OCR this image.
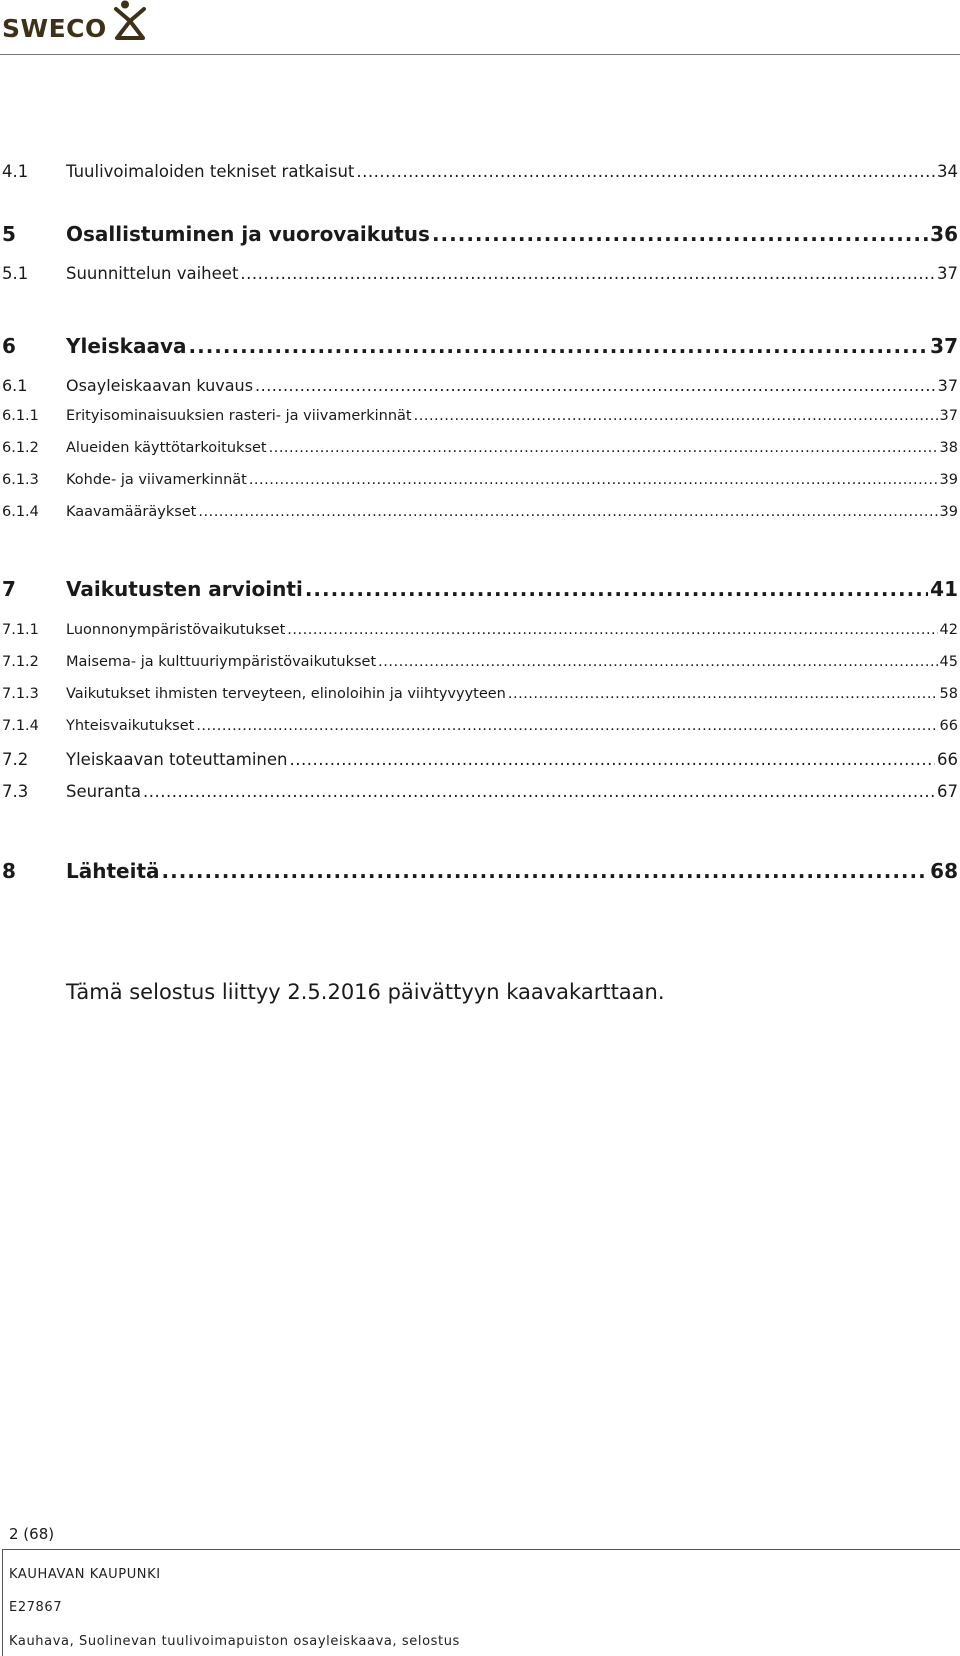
SWECO
4.1 Tuulivoimaloiden tekniset ratkaisut .....	34
5	Osallistuminen ja vuorovaikutus .....	36
5.1 Suunnittelun vaiheet .....	37
6	Yleiskaava .....	37
6.1 Osayleiskaavan kuvaus .....	37
6.1.1 Erityisominaisuuksien rasteri- ja viivamerkinnät .....	37
6.1.2 Alueiden käyttötarkoitukset .....	38
6.1.3 Kohde- ja viivamerkinnät .....	39
6.1.4 Kaavamääräykset .....	39
7	Vaikutusten arviointi .....	41
7.1.1 Luonnonympäristövaikutukset .....	42
7.1.2 Maisema- ja kulttuuriympäristövaikutukset .....	45
7.1.3 Vaikutukset ihmisten terveyteen, elinoloihin ja viihtyvyyteen .....	58
7.1.4 Yhteisvaikutukset .....	66
7.2 Yleiskaavan toteuttaminen .....	66
7.3 Seuranta .....	67
8	Lähteitä .....	68
Tämä selostus liittyy 2.5.2016 päivättyyn kaavakarttaan.
2 (68)
KAUHAVAN KAUPUNKI
E27867
Kauhava, Suolinevan tuulivoimapuiston osayleiskaava, selostus
